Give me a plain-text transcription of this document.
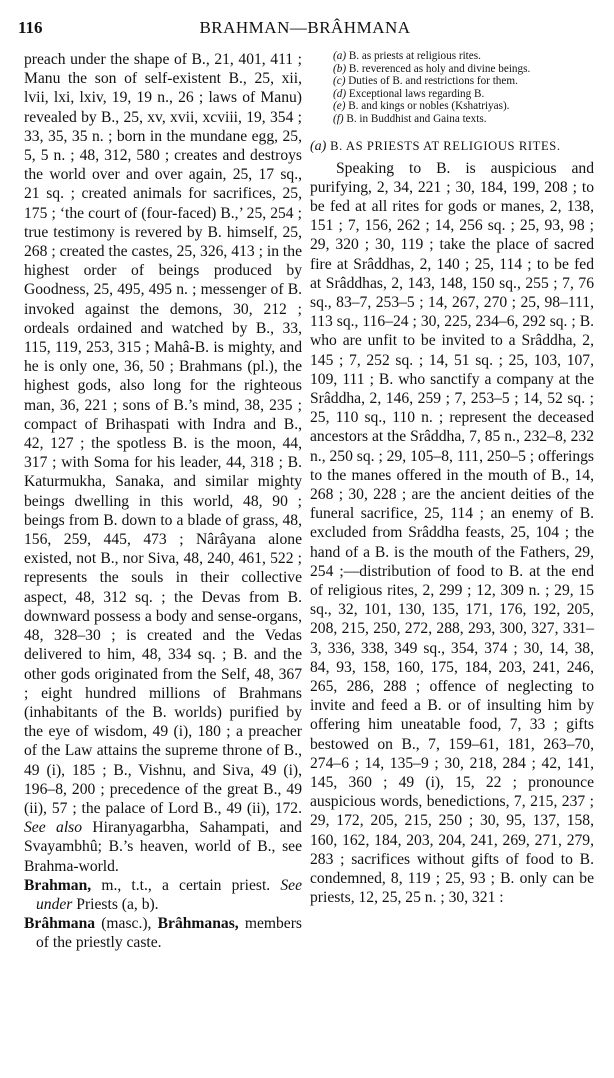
116	BRAHMAN—BRÂHMANA

preach under the shape of B., 21, 401, 411 ; Manu the son of self-existent B., 25, xii, lvii, lxi, lxiv, 19, 19 n., 26 ; laws of Manu) revealed by B., 25, xv, xvii, xcviii, 19, 354 ; 33, 35, 35 n. ; born in the mundane egg, 25, 5, 5 n. ; 48, 312, 580 ; creates and destroys the world over and over again, 25, 17 sq., 21 sq. ; created animals for sacrifices, 25, 175 ; ‘the court of (four-faced) B.,’ 25, 254 ; true testimony is revered by B. himself, 25, 268 ; created the castes, 25, 326, 413 ; in the highest order of beings produced by Goodness, 25, 495, 495 n. ; messenger of B. invoked against the demons, 30, 212 ; ordeals ordained and watched by B., 33, 115, 119, 253, 315 ; Mahâ-B. is mighty, and he is only one, 36, 50 ; Brahmans (pl.), the highest gods, also long for the righteous man, 36, 221 ; sons of B.’s mind, 38, 235 ; compact of Brihaspati with Indra and B., 42, 127 ; the spotless B. is the moon, 44, 317 ; with Soma for his leader, 44, 318 ; B. Katurmukha, Sanaka, and similar mighty beings dwelling in this world, 48, 90 ; beings from B. down to a blade of grass, 48, 156, 259, 445, 473 ; Nârâyana alone existed, not B., nor Siva, 48, 240, 461, 522 ; represents the souls in their collective aspect, 48, 312 sq. ; the Devas from B. downward possess a body and sense-organs, 48, 328–30 ; is created and the Vedas delivered to him, 48, 334 sq. ; B. and the other gods originated from the Self, 48, 367 ; eight hundred millions of Brahmans (inhabitants of the B. worlds) purified by the eye of wisdom, 49 (i), 180 ; a preacher of the Law attains the supreme throne of B., 49 (i), 185 ; B., Vishnu, and Siva, 49 (i), 196–8, 200 ; precedence of the great B., 49 (ii), 57 ; the palace of Lord B., 49 (ii), 172. See also Hiranyagarbha, Sahampati, and Svayambhû; B.’s heaven, world of B., see Brahma-world.

Brahman, m., t.t., a certain priest. See under Priests (a, b).

Brâhmana (masc.), Brâhmanas, members of the priestly caste.

(a) B. as priests at religious rites.
(b) B. reverenced as holy and divine beings.
(c) Duties of B. and restrictions for them.
(d) Exceptional laws regarding B.
(e) B. and kings or nobles (Kshatriyas).
(f) B. in Buddhist and Gaina texts.
(a) B. AS PRIESTS AT RELIGIOUS RITES.

Speaking to B. is auspicious and purifying, 2, 34, 221 ; 30, 184, 199, 208 ; to be fed at all rites for gods or manes, 2, 138, 151 ; 7, 156, 262 ; 14, 256 sq. ; 25, 93, 98 ; 29, 320 ; 30, 119 ; take the place of sacred fire at Srâddhas, 2, 140 ; 25, 114 ; to be fed at Srâddhas, 2, 143, 148, 150 sq., 255 ; 7, 76 sq., 83–7, 253–5 ; 14, 267, 270 ; 25, 98–111, 113 sq., 116–24 ; 30, 225, 234–6, 292 sq. ; B. who are unfit to be invited to a Srâddha, 2, 145 ; 7, 252 sq. ; 14, 51 sq. ; 25, 103, 107, 109, 111 ; B. who sanctify a company at the Srâddha, 2, 146, 259 ; 7, 253–5 ; 14, 52 sq. ; 25, 110 sq., 110 n. ; represent the deceased ancestors at the Srâddha, 7, 85 n., 232–8, 232 n., 250 sq. ; 29, 105–8, 111, 250–5 ; offerings to the manes offered in the mouth of B., 14, 268 ; 30, 228 ; are the ancient deities of the funeral sacrifice, 25, 114 ; an enemy of B. excluded from Srâddha feasts, 25, 104 ; the hand of a B. is the mouth of the Fathers, 29, 254 ;—distribution of food to B. at the end of religious rites, 2, 299 ; 12, 309 n. ; 29, 15 sq., 32, 101, 130, 135, 171, 176, 192, 205, 208, 215, 250, 272, 288, 293, 300, 327, 331–3, 336, 338, 349 sq., 354, 374 ; 30, 14, 38, 84, 93, 158, 160, 175, 184, 203, 241, 246, 265, 286, 288 ; offence of neglecting to invite and feed a B. or of insulting him by offering him uneatable food, 7, 33 ; gifts bestowed on B., 7, 159–61, 181, 263–70, 274–6 ; 14, 135–9 ; 30, 218, 284 ; 42, 141, 145, 360 ; 49 (i), 15, 22 ; pronounce auspicious words, benedictions, 7, 215, 237 ; 29, 172, 205, 215, 250 ; 30, 95, 137, 158, 160, 162, 184, 203, 204, 241, 269, 271, 279, 283 ; sacrifices without gifts of food to B. condemned, 8, 119 ; 25, 93 ; B. only can be priests, 12, 25, 25 n. ; 30, 321 :
